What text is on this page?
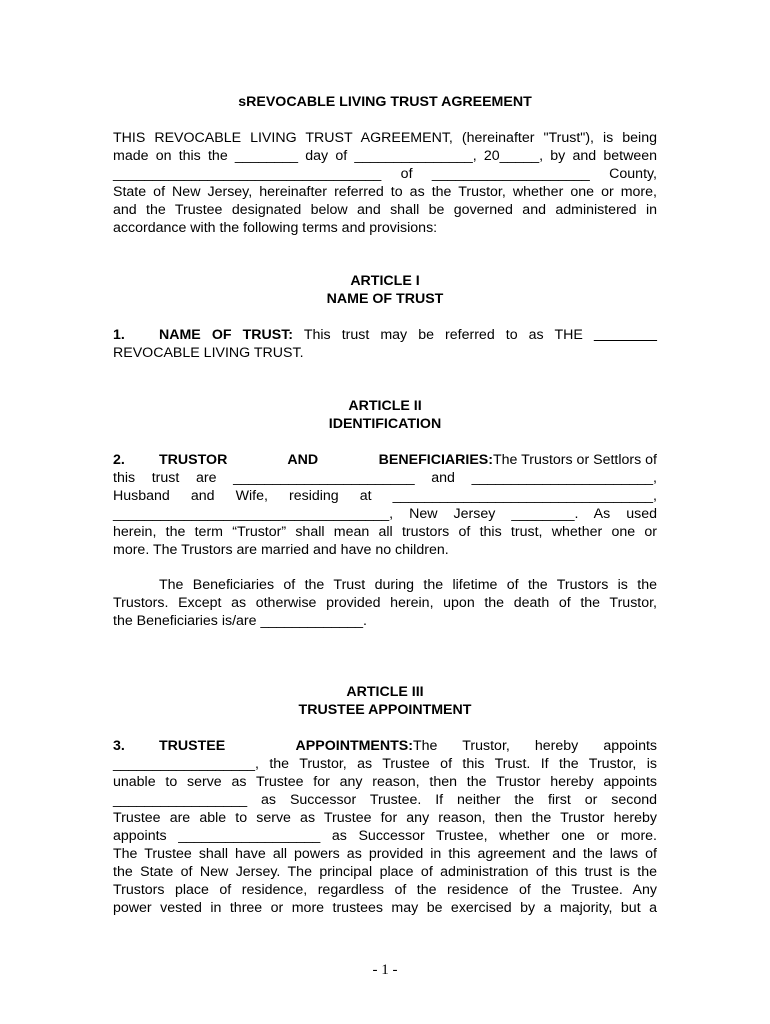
sREVOCABLE LIVING TRUST AGREEMENT
THIS REVOCABLE LIVING TRUST AGREEMENT, (hereinafter "Trust"), is being
made on this the ________ day of _______________, 20_____, by and between
__________________________________ of ____________________ County,
State of New Jersey, hereinafter referred to as the Trustor, whether one or more,
and the Trustee designated below and shall be governed and administered in
accordance with the following terms and provisions:
ARTICLE I
NAME OF TRUST
1. NAME OF TRUST: This trust may be referred to as THE ________
REVOCABLE LIVING TRUST.
ARTICLE II
IDENTIFICATION
2. TRUSTOR AND BENEFICIARIES: The Trustors or Settlors of
this trust are _______________________ and _______________________,
Husband and Wife, residing at _________________________________,
___________________________________, New Jersey ________. As used
herein, the term “Trustor” shall mean all trustors of this trust, whether one or
more. The Trustors are married and have no children.
The Beneficiaries of the Trust during the lifetime of the Trustors is the
Trustors. Except as otherwise provided herein, upon the death of the Trustor,
the Beneficiaries is/are _____________.
ARTICLE III
TRUSTEE APPOINTMENT
3. TRUSTEE APPOINTMENTS: The Trustor, hereby appoints
__________________, the Trustor, as Trustee of this Trust. If the Trustor, is
unable to serve as Trustee for any reason, then the Trustor hereby appoints
_________________ as Successor Trustee. If neither the first or second
Trustee are able to serve as Trustee for any reason, then the Trustor hereby
appoints __________________ as Successor Trustee, whether one or more.
The Trustee shall have all powers as provided in this agreement and the laws of
the State of New Jersey. The principal place of administration of this trust is the
Trustors place of residence, regardless of the residence of the Trustee. Any
power vested in three or more trustees may be exercised by a majority, but a
- 1 -
